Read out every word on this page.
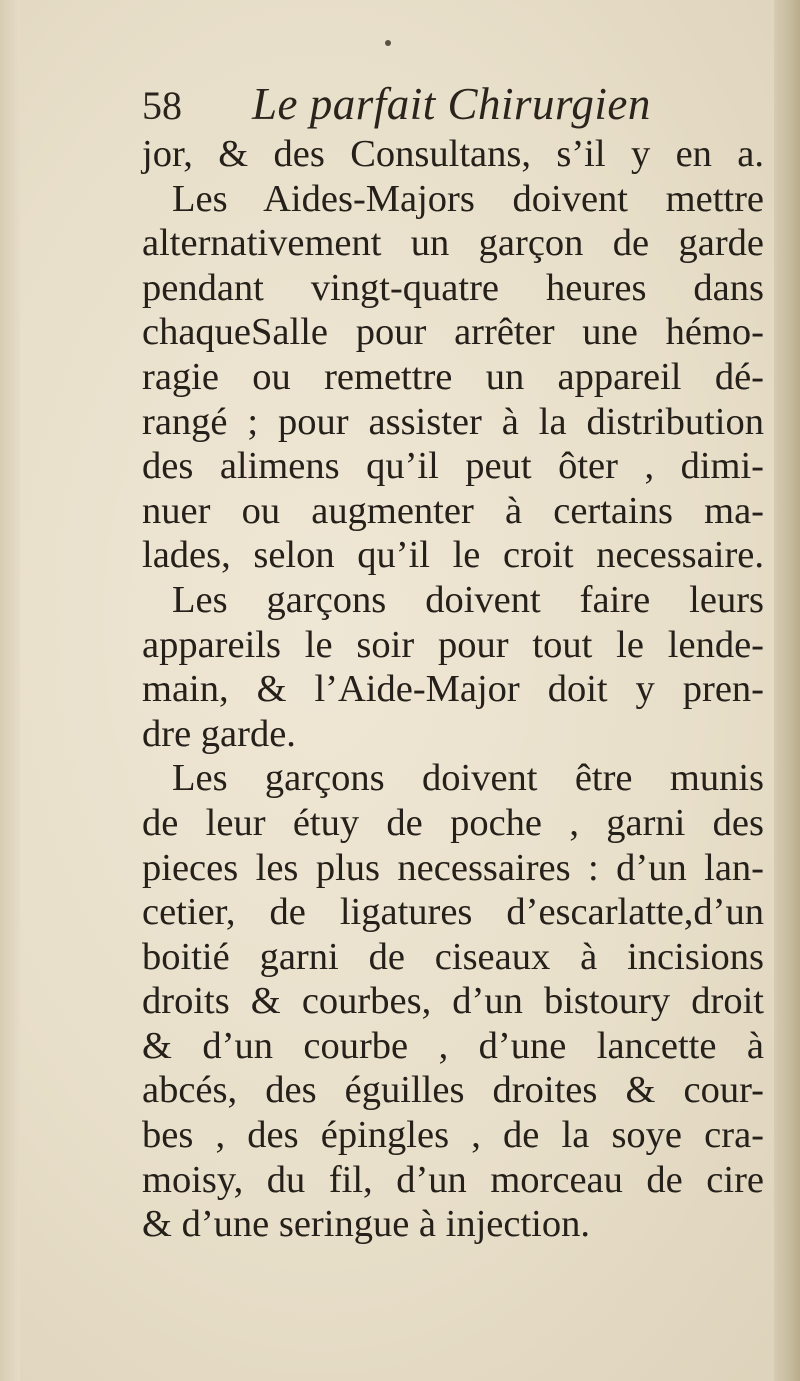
58 Le parfait Chirurgien
jor, & des Consultans, s’il y en a.
Les Aides-Majors doivent mettre
alternativement un garçon de garde
pendant vingt-quatre heures dans
chaqueSalle pour arrêter une hémo-
ragie ou remettre un appareil dé-
rangé ; pour assister à la distribution
des alimens qu’il peut ôter , dimi-
nuer ou augmenter à certains ma-
lades, selon qu’il le croit necessaire.
Les garçons doivent faire leurs
appareils le soir pour tout le lende-
main, & l’Aide-Major doit y pren-
dre garde.
Les garçons doivent être munis
de leur étuy de poche , garni des
pieces les plus necessaires : d’un lan-
cetier, de ligatures d’escarlatte,d’un
boitié garni de ciseaux à incisions
droits & courbes, d’un bistoury droit
& d’un courbe , d’une lancette à
abcés, des éguilles droites & cour-
bes , des épingles , de la soye cra-
moisy, du fil, d’un morceau de cire
& d’une seringue à injection.
